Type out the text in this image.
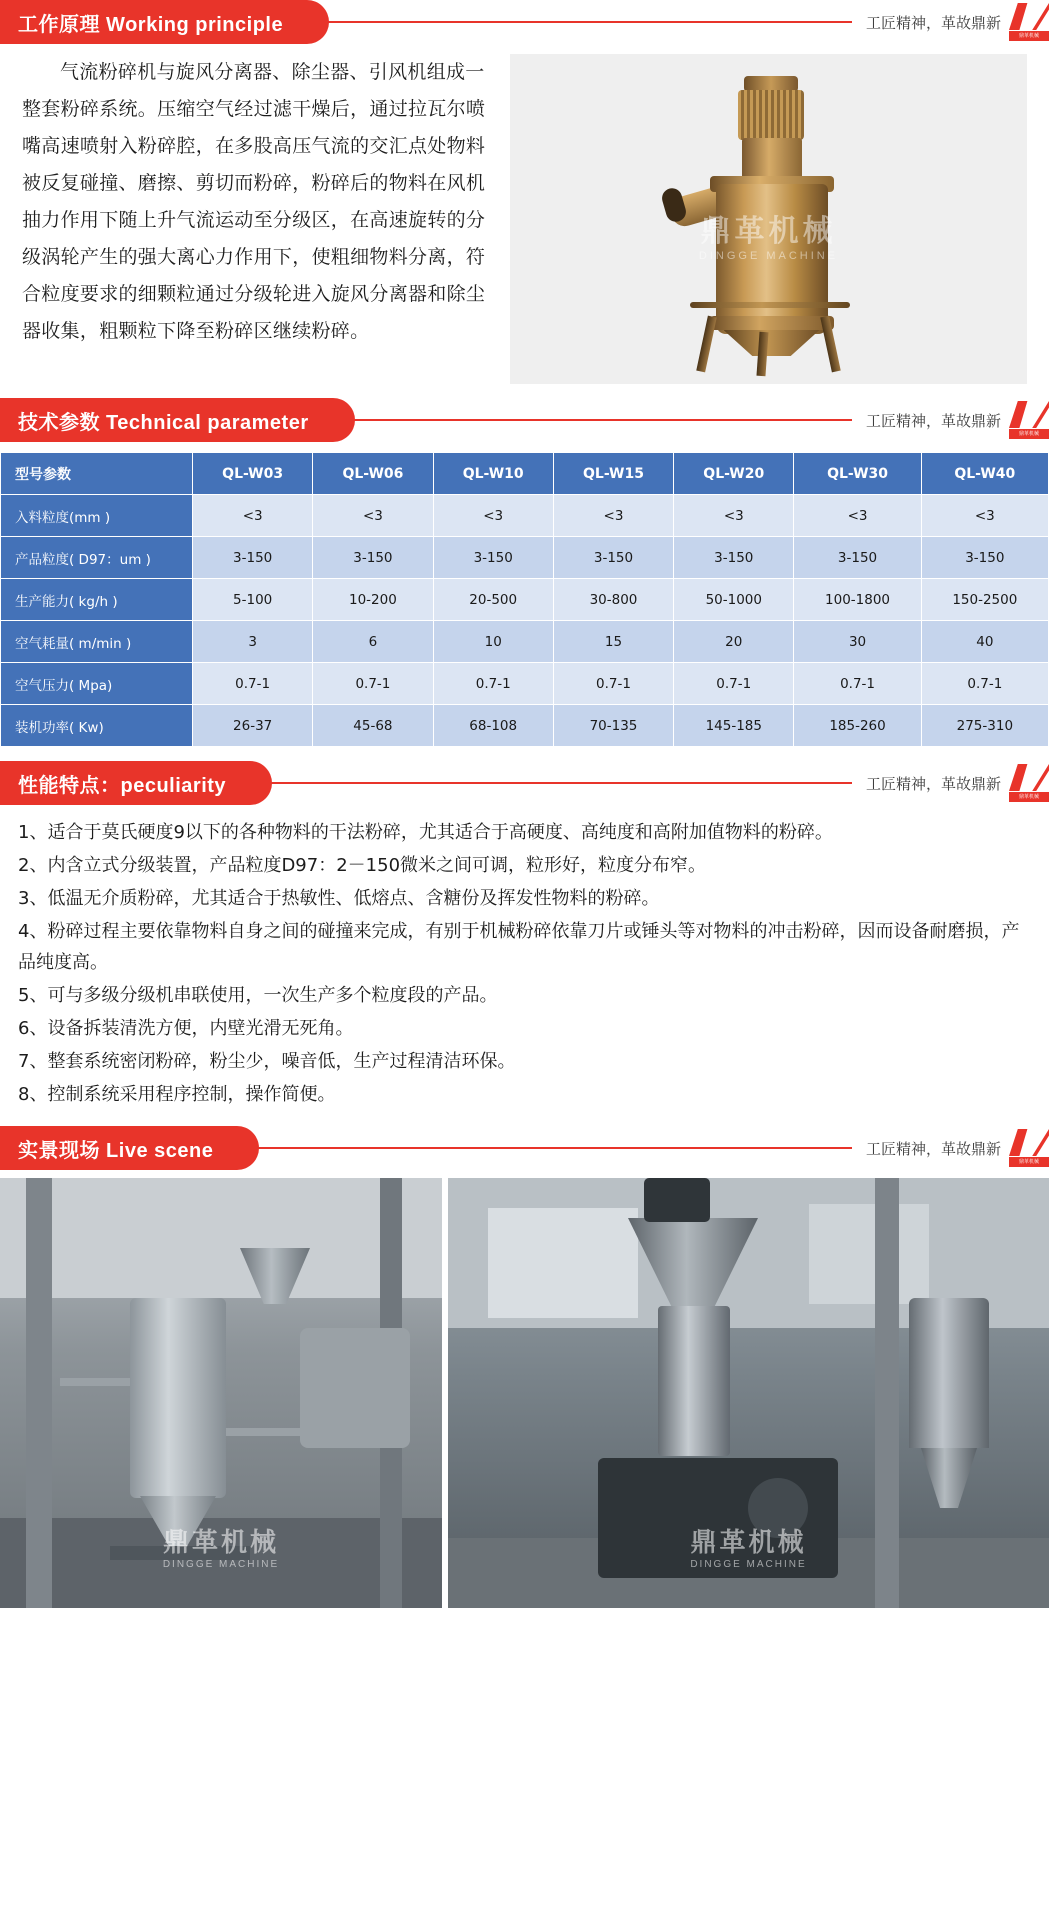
工作原理 Working principle	工匠精神，革故鼎新
鼎革机械
气流粉碎机与旋风分离器、除尘器、引风机组成一整套粉碎系统。压缩空气经过滤干燥后，通过拉瓦尔喷嘴高速喷射入粉碎腔，在多股高压气流的交汇点处物料被反复碰撞、磨擦、剪切而粉碎，粉碎后的物料在风机抽力作用下随上升气流运动至分级区，在高速旋转的分级涡轮产生的强大离心力作用下，使粗细物料分离，符合粒度要求的细颗粒通过分级轮进入旋风分离器和除尘器收集，粗颗粒下降至粉碎区继续粉碎。
鼎革机械
DINGGE MACHINE
技术参数 Technical parameter	工匠精神，革故鼎新
鼎革机械
型号参数	QL-W03	QL-W06	QL-W10	QL-W15	QL-W20	QL-W30	QL-W40
入料粒度(mm )	<3	<3	<3	<3	<3	<3	<3
产品粒度( D97：um )	3-150	3-150	3-150	3-150	3-150	3-150	3-150
生产能力( kg/h )	5-100	10-200	20-500	30-800	50-1000	100-1800	150-2500
空气耗量( m/min )	3	6	10	15	20	30	40
空气压力( Mpa)	0.7-1	0.7-1	0.7-1	0.7-1	0.7-1	0.7-1	0.7-1
装机功率( Kw)	26-37	45-68	68-108	70-135	145-185	185-260	275-310
性能特点：peculiarity	工匠精神，革故鼎新
鼎革机械

1、适合于莫氏硬度9以下的各种物料的干法粉碎，尤其适合于高硬度、高纯度和高附加值物料的粉碎。

2、内含立式分级装置，产品粒度D97：2－150微米之间可调，粒形好，粒度分布窄。

3、低温无介质粉碎，尤其适合于热敏性、低熔点、含糖份及挥发性物料的粉碎。

4、粉碎过程主要依靠物料自身之间的碰撞来完成，有别于机械粉碎依靠刀片或锤头等对物料的冲击粉碎，因而设备耐磨损，产品纯度高。

5、可与多级分级机串联使用，一次生产多个粒度段的产品。

6、设备拆装清洗方便，内壁光滑无死角。

7、整套系统密闭粉碎，粉尘少，噪音低，生产过程清洁环保。

8、控制系统采用程序控制，操作简便。

实景现场 Live scene	工匠精神，革故鼎新
鼎革机械
鼎革机械
DINGGE MACHINE
鼎革机械
DINGGE MACHINE
